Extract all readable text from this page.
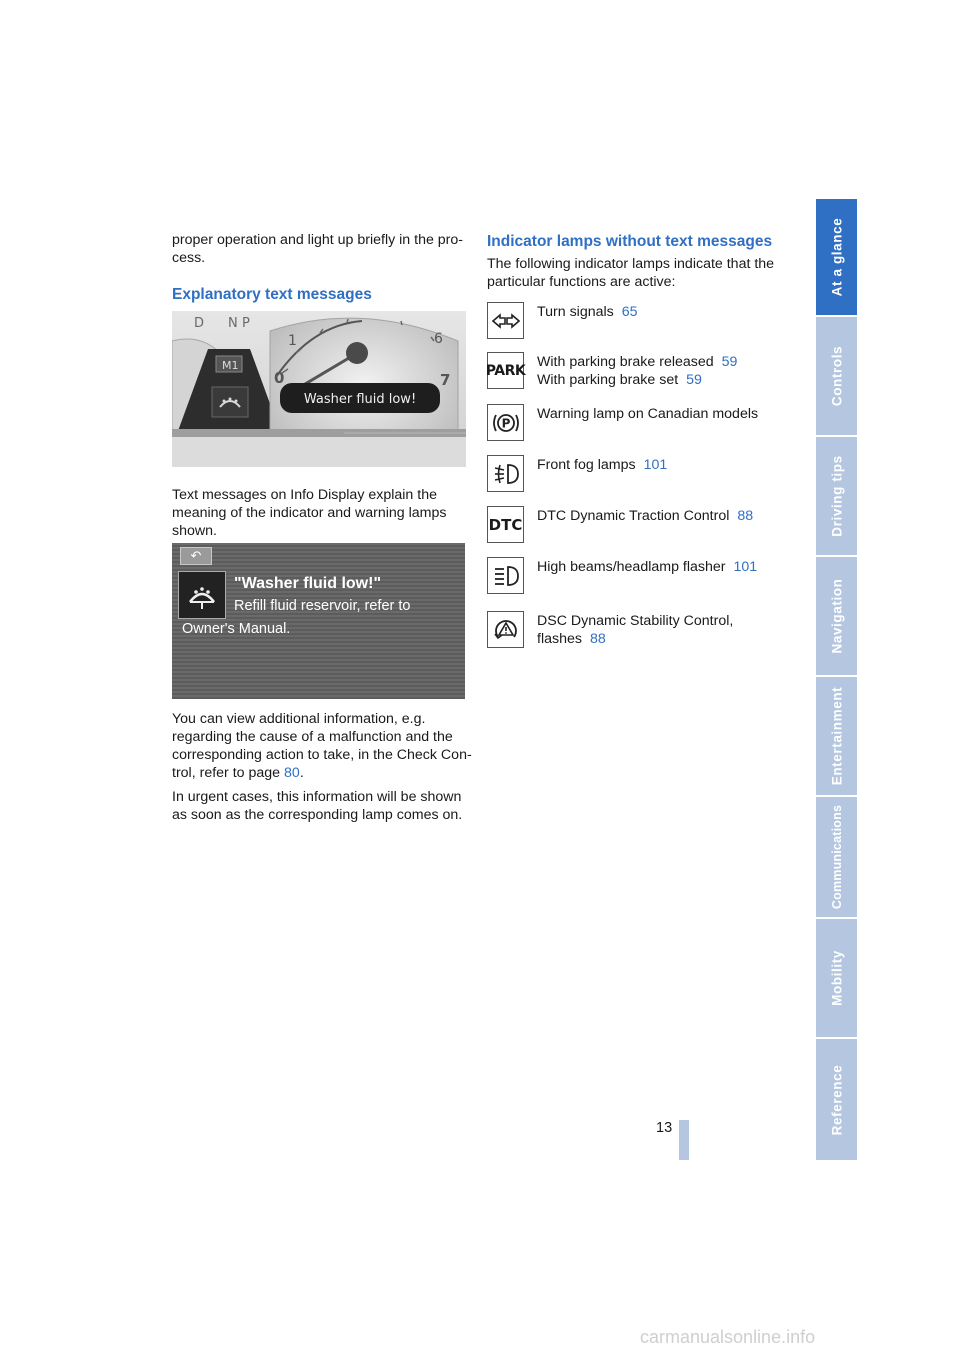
proper operation and light up briefly in the pro-

cess.

Explanatory text messages
D N P
M1
0
1	6
7
Washer fluid low!

Text messages on Info Display explain the

meaning of the indicator and warning lamps

shown.

↶
"Washer fluid low!"
Refill fluid reservoir, refer to
Owner's Manual.

You can view additional information, e.g.

regarding the cause of a malfunction and the

corresponding action to take, in the Check Con-

trol, refer to page 80.

In urgent cases, this information will be shown

as soon as the corresponding lamp comes on.

Indicator lamps without text messages

The following indicator lamps indicate that the

particular functions are active:

Turn signals 65
PARK
With parking brake released 59
With parking brake set 59
P
Warning lamp on Canadian models
Front fog lamps 101
DTC DTC Dynamic Traction Control 88
High beams/headlamp flasher 101
DSC Dynamic Stability Control,
flashes 88
At a glance
Controls
Driving tips
Navigation
Entertainment
Communications
Mobility
Reference
13
carmanualsonline.info
